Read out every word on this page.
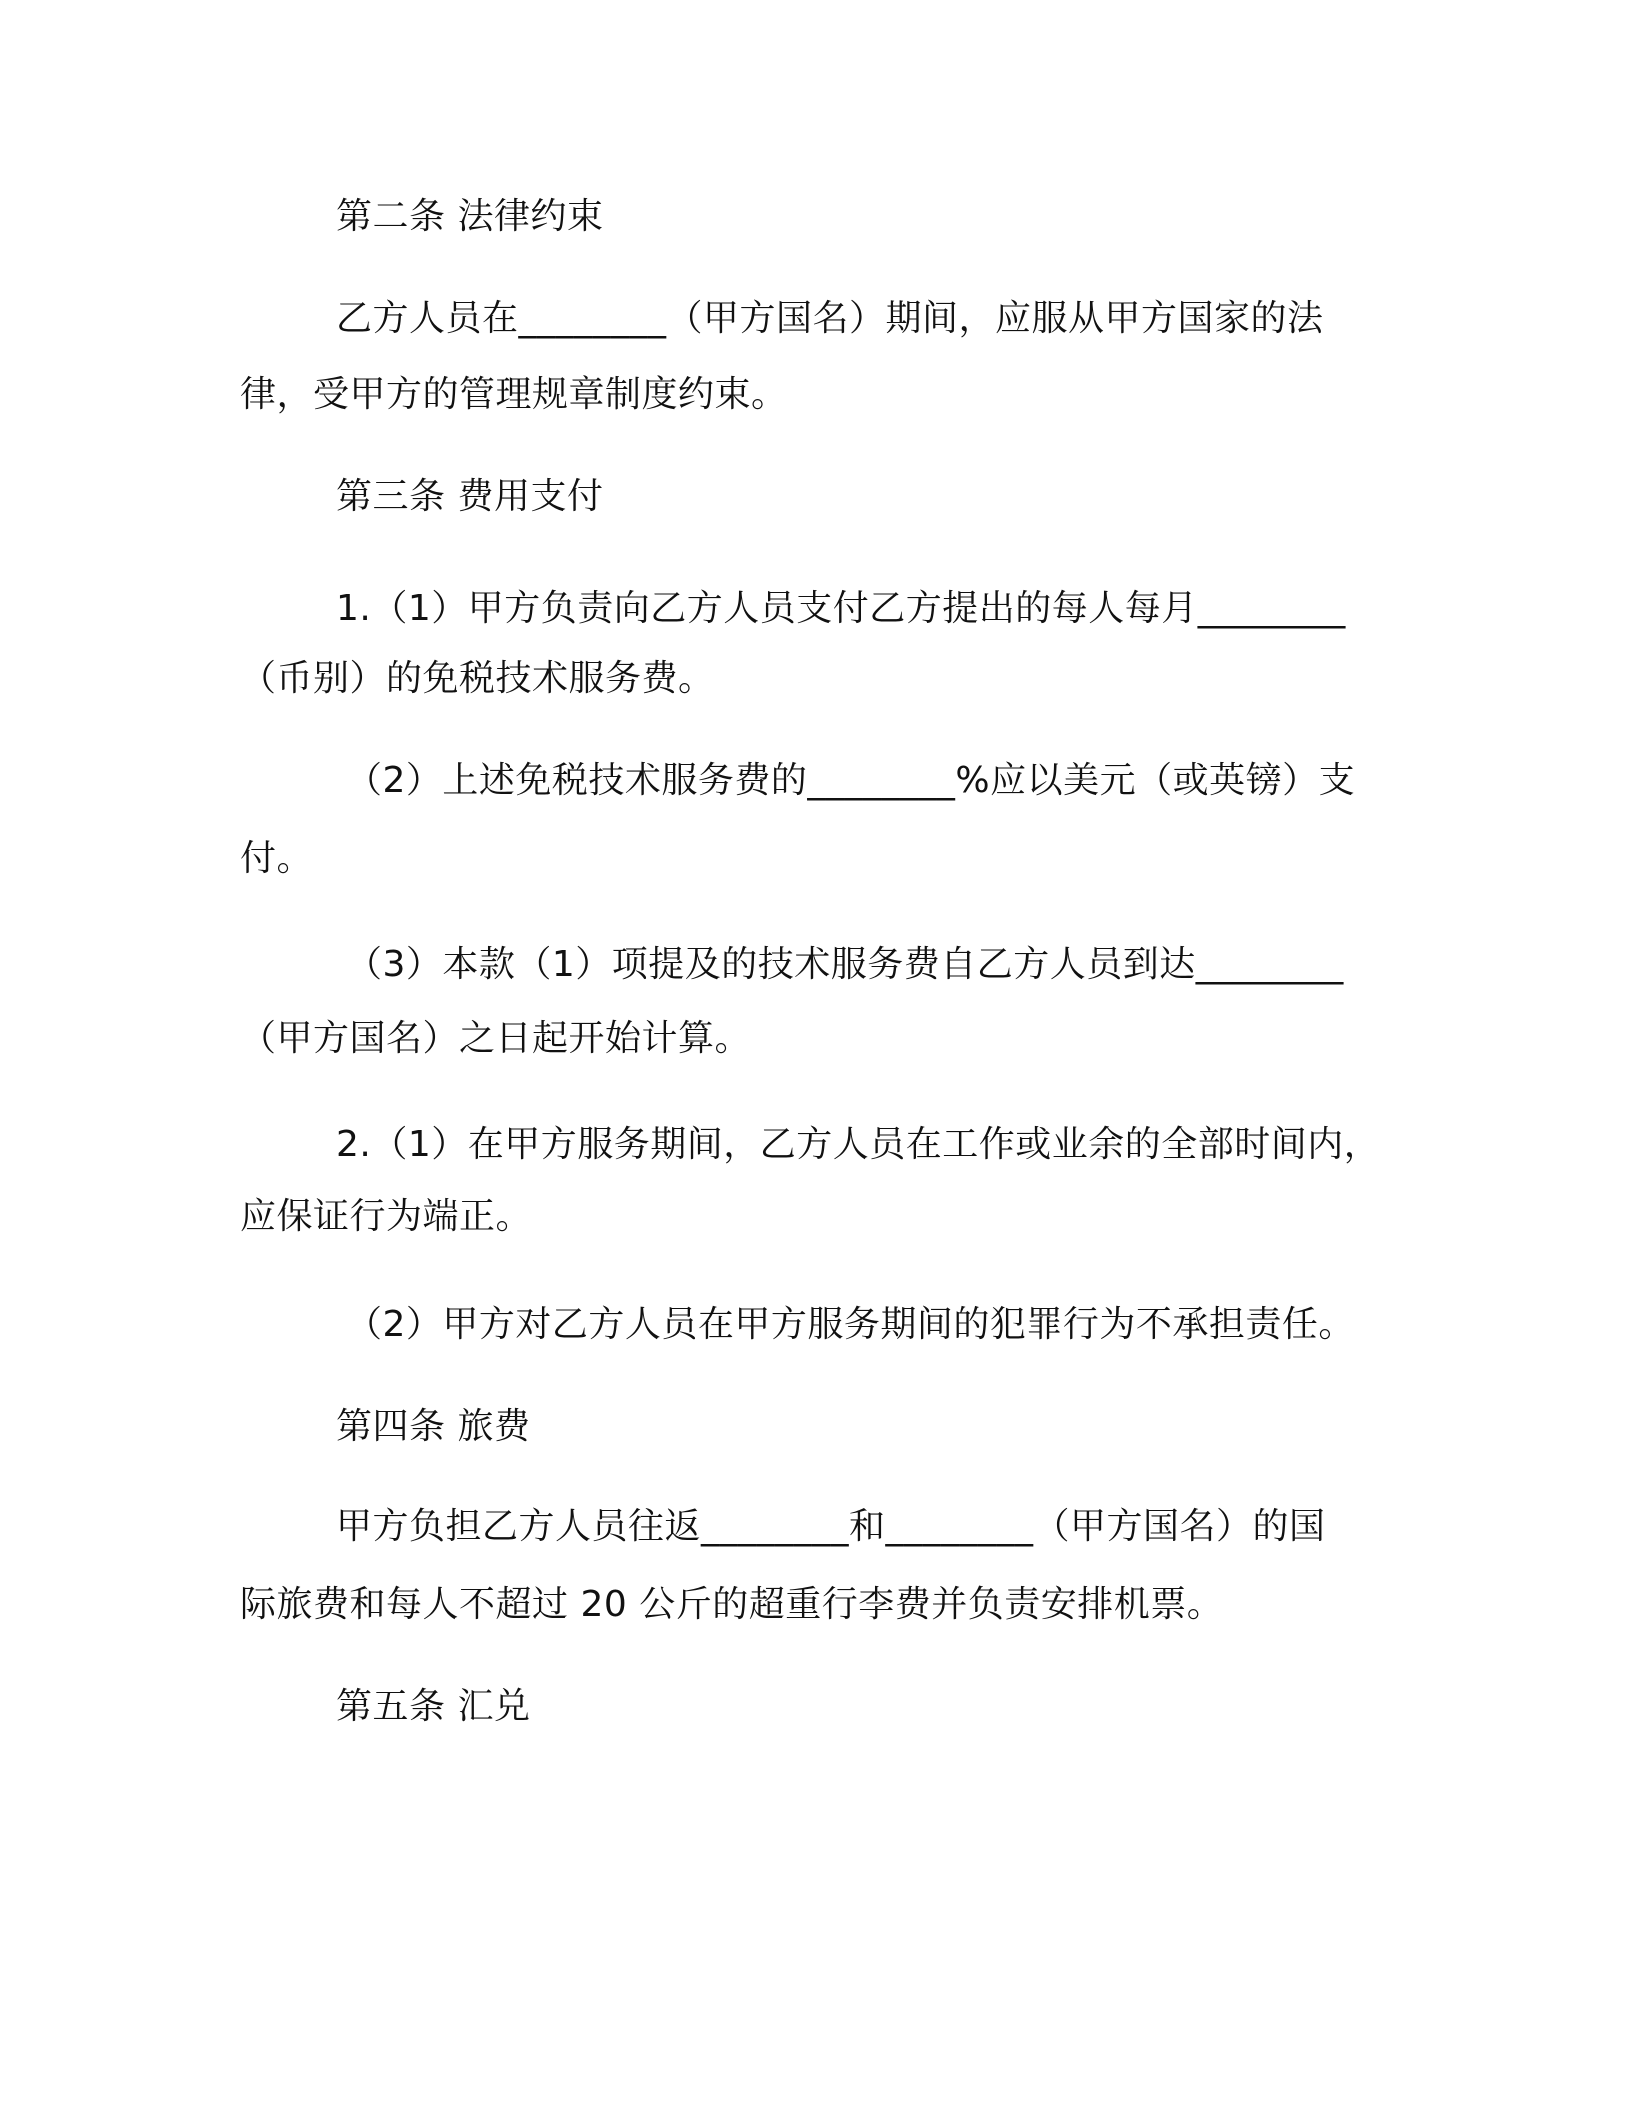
第二条 法律约束
乙方人员在________（甲方国名）期间，应服从甲方国家的法
律，受甲方的管理规章制度约束。
第三条 费用支付
1.（1）甲方负责向乙方人员支付乙方提出的每人每月________
（币别）的免税技术服务费。
（2）上述免税技术服务费的________%应以美元（或英镑）支
付。
（3）本款（1）项提及的技术服务费自乙方人员到达________
（甲方国名）之日起开始计算。
2.（1）在甲方服务期间，乙方人员在工作或业余的全部时间内，
应保证行为端正。
（2）甲方对乙方人员在甲方服务期间的犯罪行为不承担责任。
第四条 旅费
甲方负担乙方人员往返________和________（甲方国名）的国
际旅费和每人不超过 20 公斤的超重行李费并负责安排机票。
第五条 汇兑
